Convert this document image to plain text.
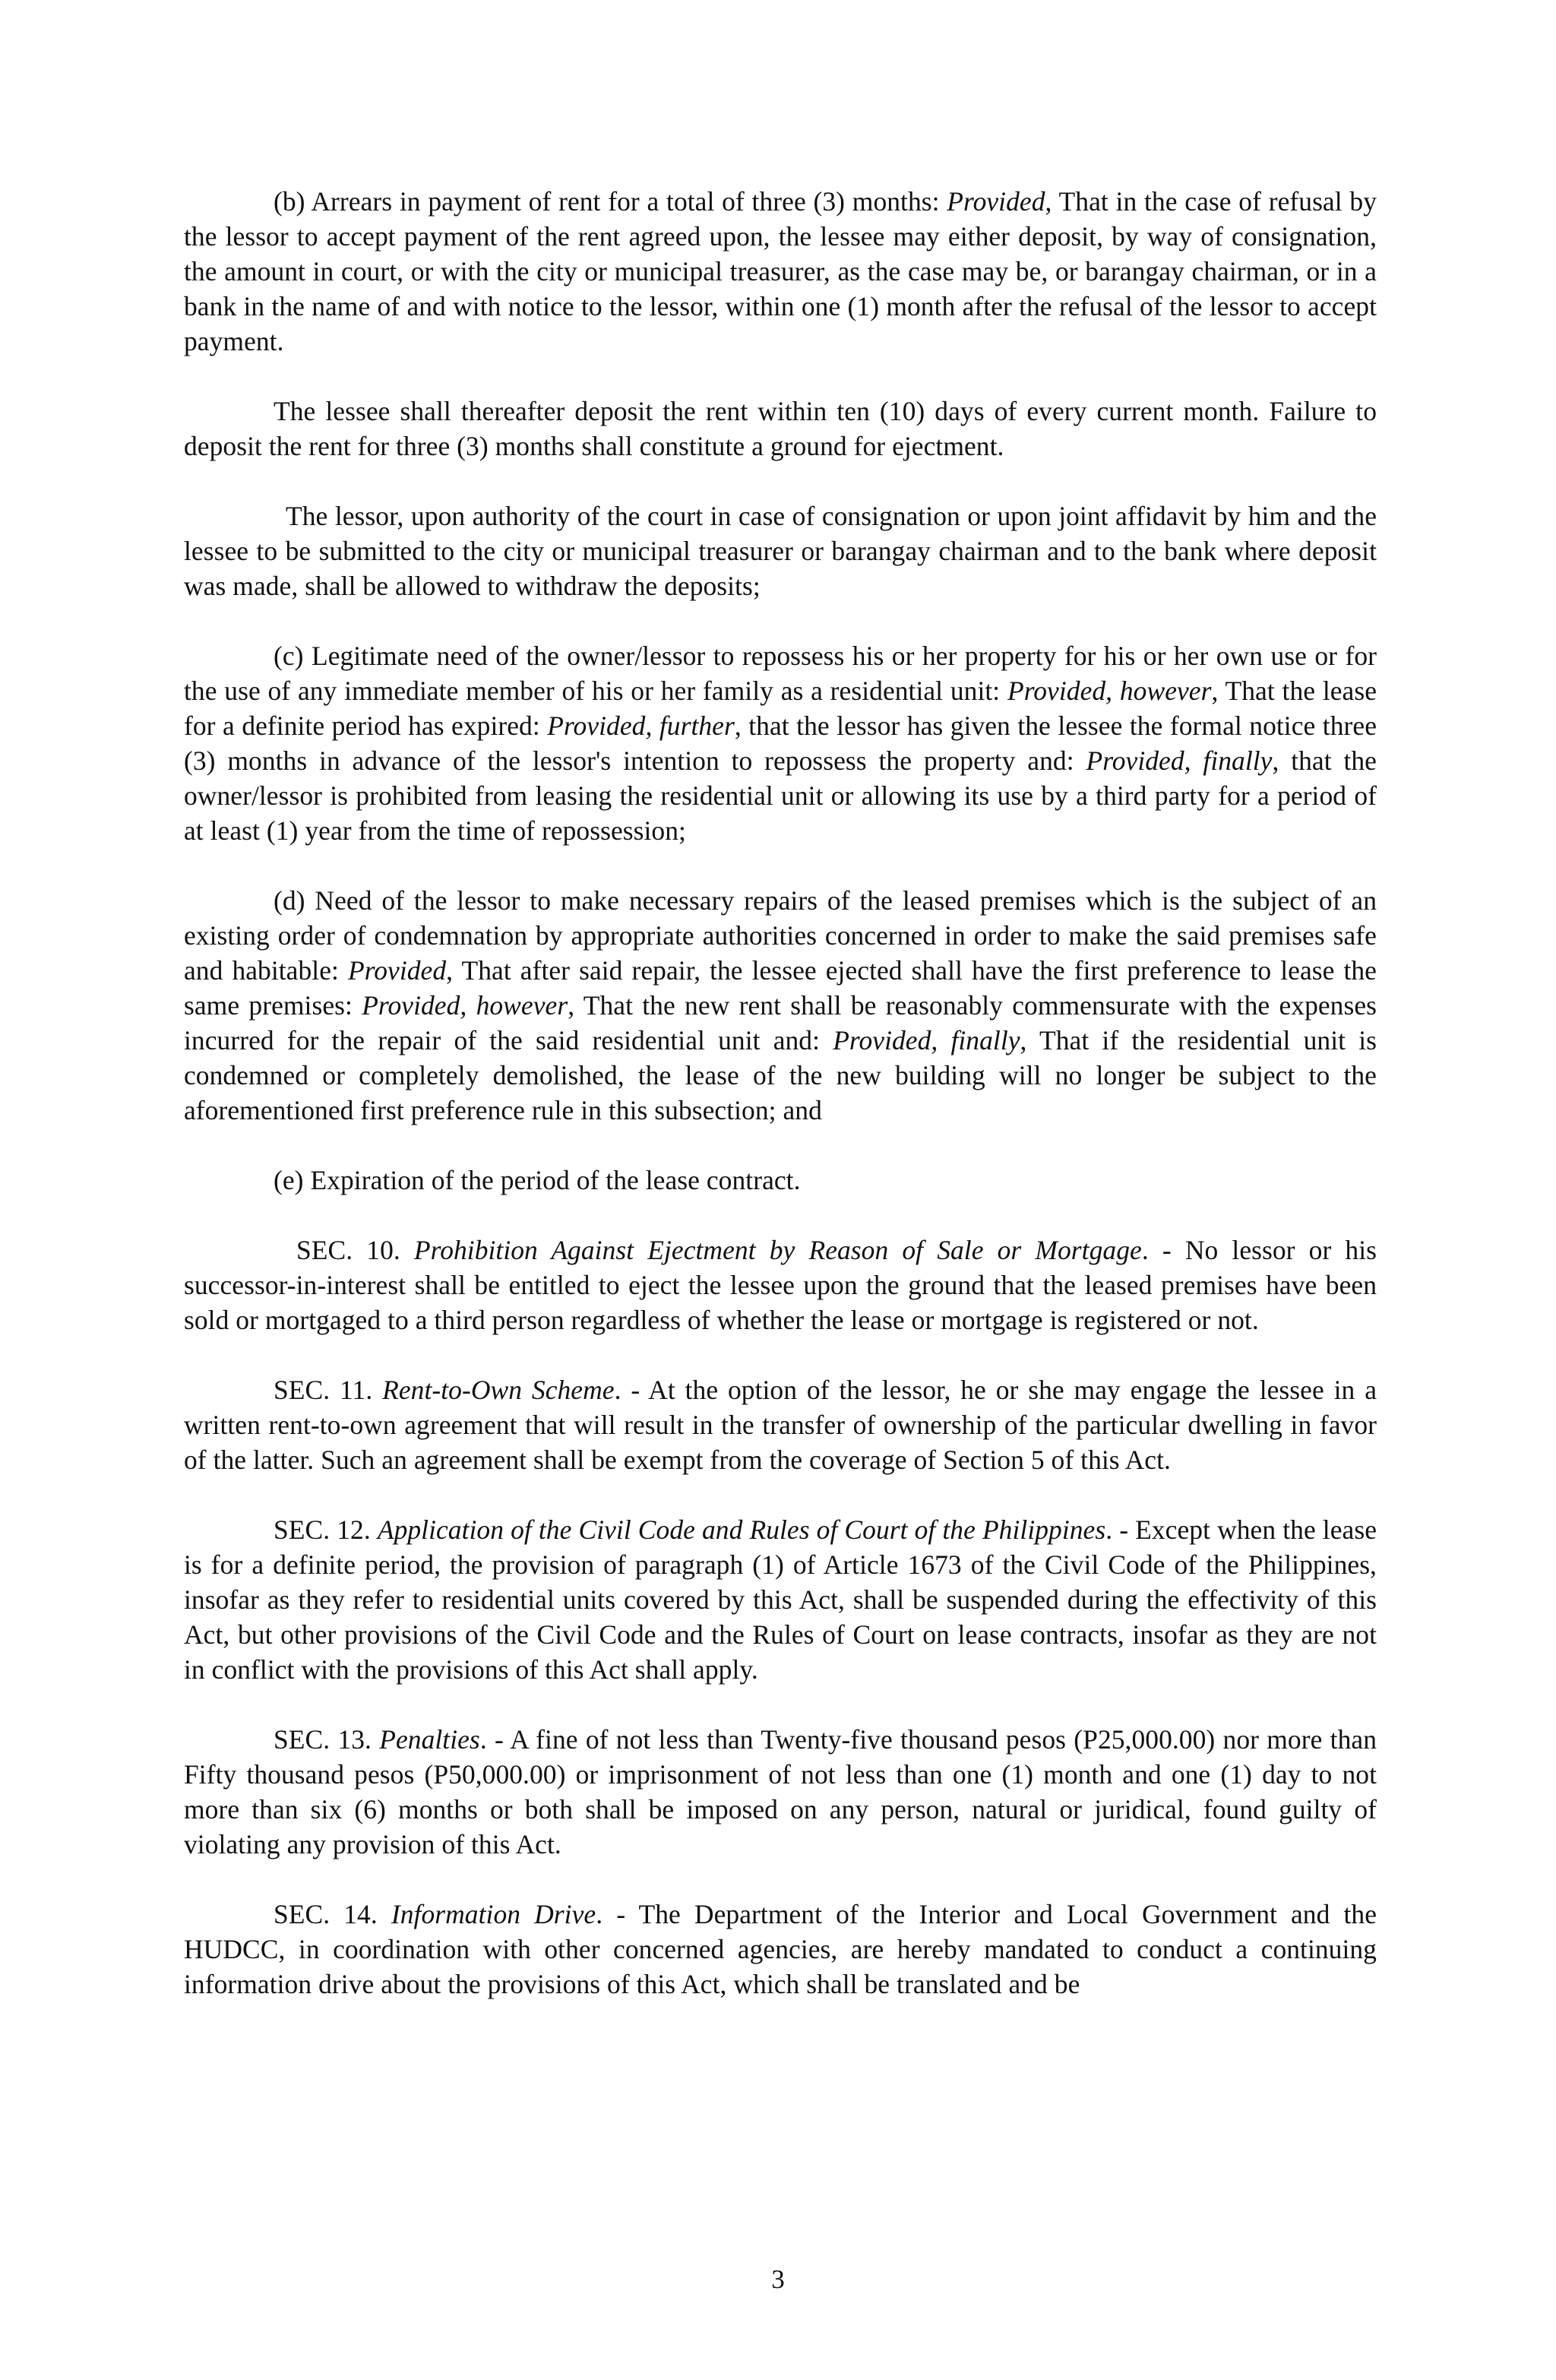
(b) Arrears in payment of rent for a total of three (3) months: Provided, That in the case of refusal by the lessor to accept payment of the rent agreed upon, the lessee may either deposit, by way of consignation, the amount in court, or with the city or municipal treasurer, as the case may be, or barangay chairman, or in a bank in the name of and with notice to the lessor, within one (1) month after the refusal of the lessor to accept payment.

The lessee shall thereafter deposit the rent within ten (10) days of every current month. Failure to deposit the rent for three (3) months shall constitute a ground for ejectment.

The lessor, upon authority of the court in case of consignation or upon joint affidavit by him and the lessee to be submitted to the city or municipal treasurer or barangay chairman and to the bank where deposit was made, shall be allowed to withdraw the deposits;

(c) Legitimate need of the owner/lessor to repossess his or her property for his or her own use or for the use of any immediate member of his or her family as a residential unit: Provided, however, That the lease for a definite period has expired: Provided, further, that the lessor has given the lessee the formal notice three (3) months in advance of the lessor's intention to repossess the property and: Provided, finally, that the owner/lessor is prohibited from leasing the residential unit or allowing its use by a third party for a period of at least (1) year from the time of repossession;

(d) Need of the lessor to make necessary repairs of the leased premises which is the subject of an existing order of condemnation by appropriate authorities concerned in order to make the said premises safe and habitable: Provided, That after said repair, the lessee ejected shall have the first preference to lease the same premises: Provided, however, That the new rent shall be reasonably commensurate with the expenses incurred for the repair of the said residential unit and: Provided, finally, That if the residential unit is condemned or completely demolished, the lease of the new building will no longer be subject to the aforementioned first preference rule in this subsection; and

(e) Expiration of the period of the lease contract.

SEC. 10. Prohibition Against Ejectment by Reason of Sale or Mortgage. - No lessor or his successor-in-interest shall be entitled to eject the lessee upon the ground that the leased premises have been sold or mortgaged to a third person regardless of whether the lease or mortgage is registered or not.

SEC. 11. Rent-to-Own Scheme. - At the option of the lessor, he or she may engage the lessee in a written rent-to-own agreement that will result in the transfer of ownership of the particular dwelling in favor of the latter. Such an agreement shall be exempt from the coverage of Section 5 of this Act.

SEC. 12. Application of the Civil Code and Rules of Court of the Philippines. - Except when the lease is for a definite period, the provision of paragraph (1) of Article 1673 of the Civil Code of the Philippines, insofar as they refer to residential units covered by this Act, shall be suspended during the effectivity of this Act, but other provisions of the Civil Code and the Rules of Court on lease contracts, insofar as they are not in conflict with the provisions of this Act shall apply.

SEC. 13. Penalties. - A fine of not less than Twenty-five thousand pesos (P25,000.00) nor more than Fifty thousand pesos (P50,000.00) or imprisonment of not less than one (1) month and one (1) day to not more than six (6) months or both shall be imposed on any person, natural or juridical, found guilty of violating any provision of this Act.

SEC. 14. Information Drive. - The Department of the Interior and Local Government and the HUDCC, in coordination with other concerned agencies, are hereby mandated to conduct a continuing information drive about the provisions of this Act, which shall be translated and be

3
